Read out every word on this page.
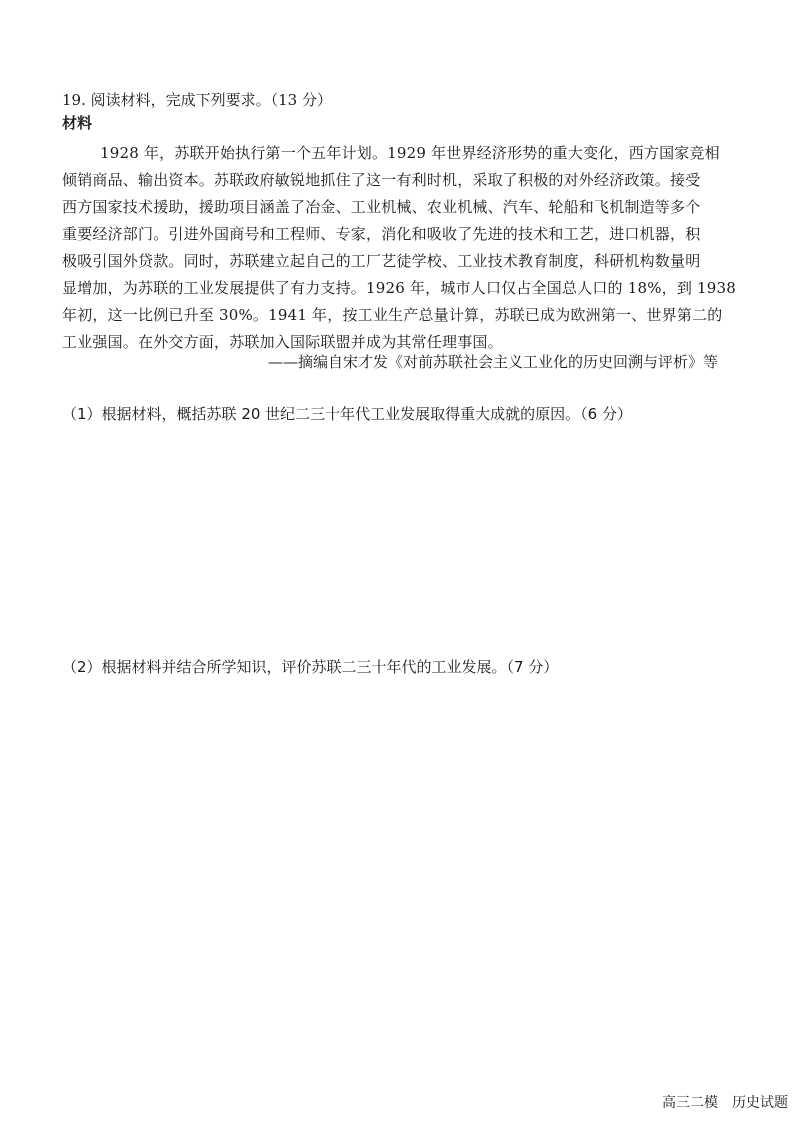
19. 阅读材料，完成下列要求。（13 分）
材料
1928 年，苏联开始执行第一个五年计划。1929 年世界经济形势的重大变化，西方国家竞相
倾销商品、输出资本。苏联政府敏锐地抓住了这一有利时机，采取了积极的对外经济政策。接受
西方国家技术援助，援助项目涵盖了冶金、工业机械、农业机械、汽车、轮船和飞机制造等多个
重要经济部门。引进外国商号和工程师、专家，消化和吸收了先进的技术和工艺，进口机器，积
极吸引国外贷款。同时，苏联建立起自己的工厂艺徒学校、工业技术教育制度，科研机构数量明
显增加，为苏联的工业发展提供了有力支持。1926 年，城市人口仅占全国总人口的 18%，到 1938
年初，这一比例已升至 30%。1941 年，按工业生产总量计算，苏联已成为欧洲第一、世界第二的
工业强国。在外交方面，苏联加入国际联盟并成为其常任理事国。
——摘编自宋才发《对前苏联社会主义工业化的历史回溯与评析》等
（1）根据材料，概括苏联 20 世纪二三十年代工业发展取得重大成就的原因。（6 分）
（2）根据材料并结合所学知识，评价苏联二三十年代的工业发展。（7 分）
高三二模 历史试题
